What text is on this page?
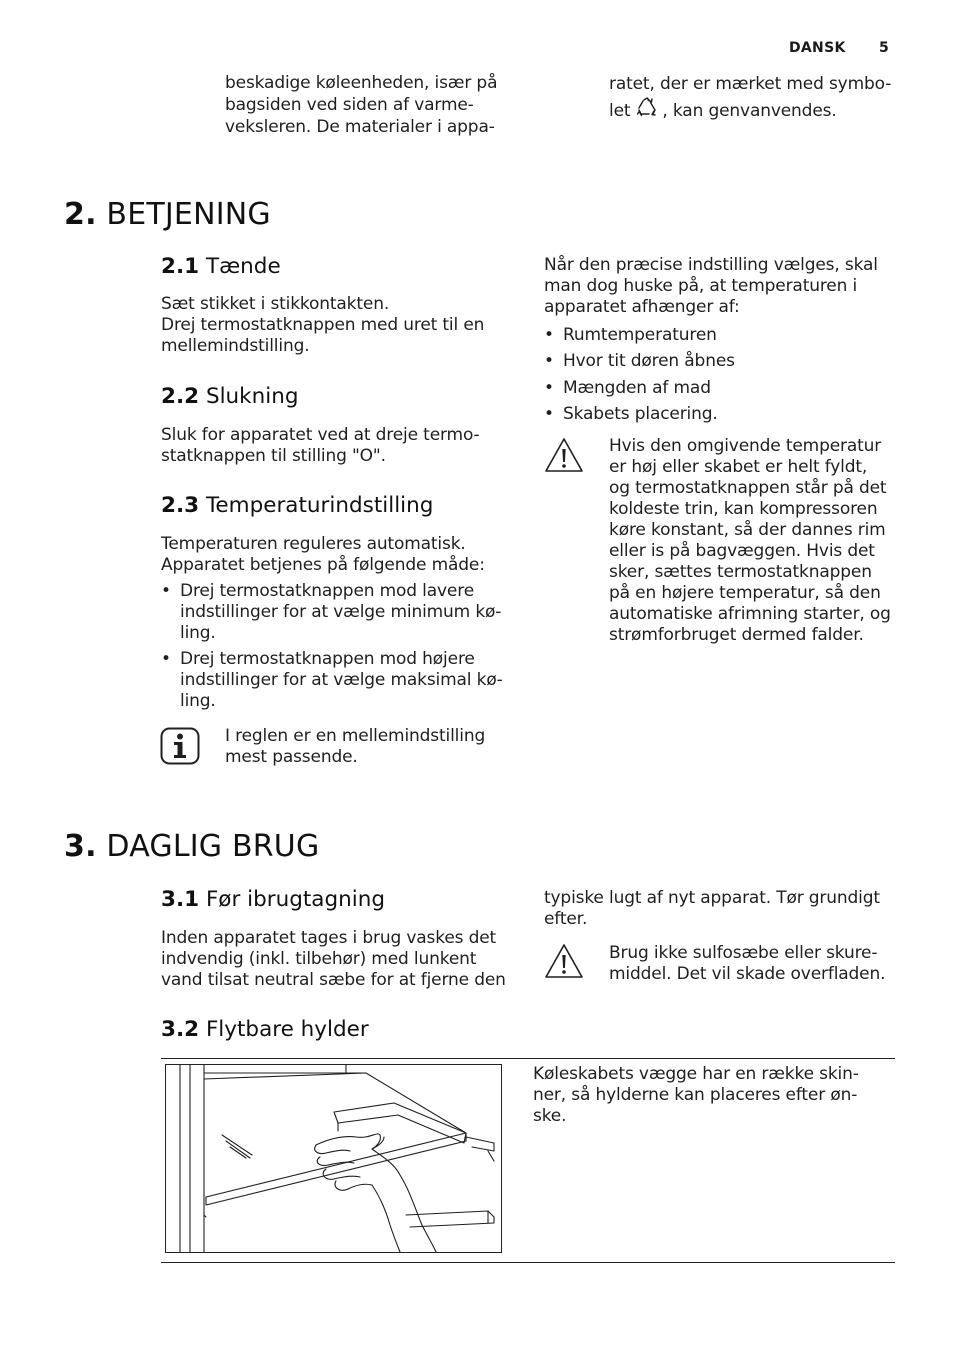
DANSK 5
beskadige køleenheden, især på
bagsiden ved siden af varme-
veksleren. De materialer i appa-
ratet, der er mærket med symbo-
let , kan genvanvendes.
2. BETJENING
2.1 Tænde
Sæt stikket i stikkontakten.
Drej termostatknappen med uret til en
mellemindstilling.
2.2 Slukning
Sluk for apparatet ved at dreje termo-
statknappen til stilling "O".
2.3 Temperaturindstilling
Temperaturen reguleres automatisk.
Apparatet betjenes på følgende måde:
• Drej termostatknappen mod lavere
indstillinger for at vælge minimum kø-
ling.
• Drej termostatknappen mod højere
indstillinger for at vælge maksimal kø-
ling.
I reglen er en mellemindstilling
mest passende.
Når den præcise indstilling vælges, skal
man dog huske på, at temperaturen i
apparatet afhænger af:
• Rumtemperaturen
• Hvor tit døren åbnes
• Mængden af mad
• Skabets placering.
Hvis den omgivende temperatur
er høj eller skabet er helt fyldt,
og termostatknappen står på det
koldeste trin, kan kompressoren
køre konstant, så der dannes rim
eller is på bagvæggen. Hvis det
sker, sættes termostatknappen
på en højere temperatur, så den
automatiske afrimning starter, og
strømforbruget dermed falder.
3. DAGLIG BRUG
3.1 Før ibrugtagning
Inden apparatet tages i brug vaskes det
indvendig (inkl. tilbehør) med lunkent
vand tilsat neutral sæbe for at fjerne den
typiske lugt af nyt apparat. Tør grundigt
efter.
Brug ikke sulfosæbe eller skure-
middel. Det vil skade overfladen.
3.2 Flytbare hylder
Køleskabets vægge har en række skin-
ner, så hylderne kan placeres efter øn-
ske.
